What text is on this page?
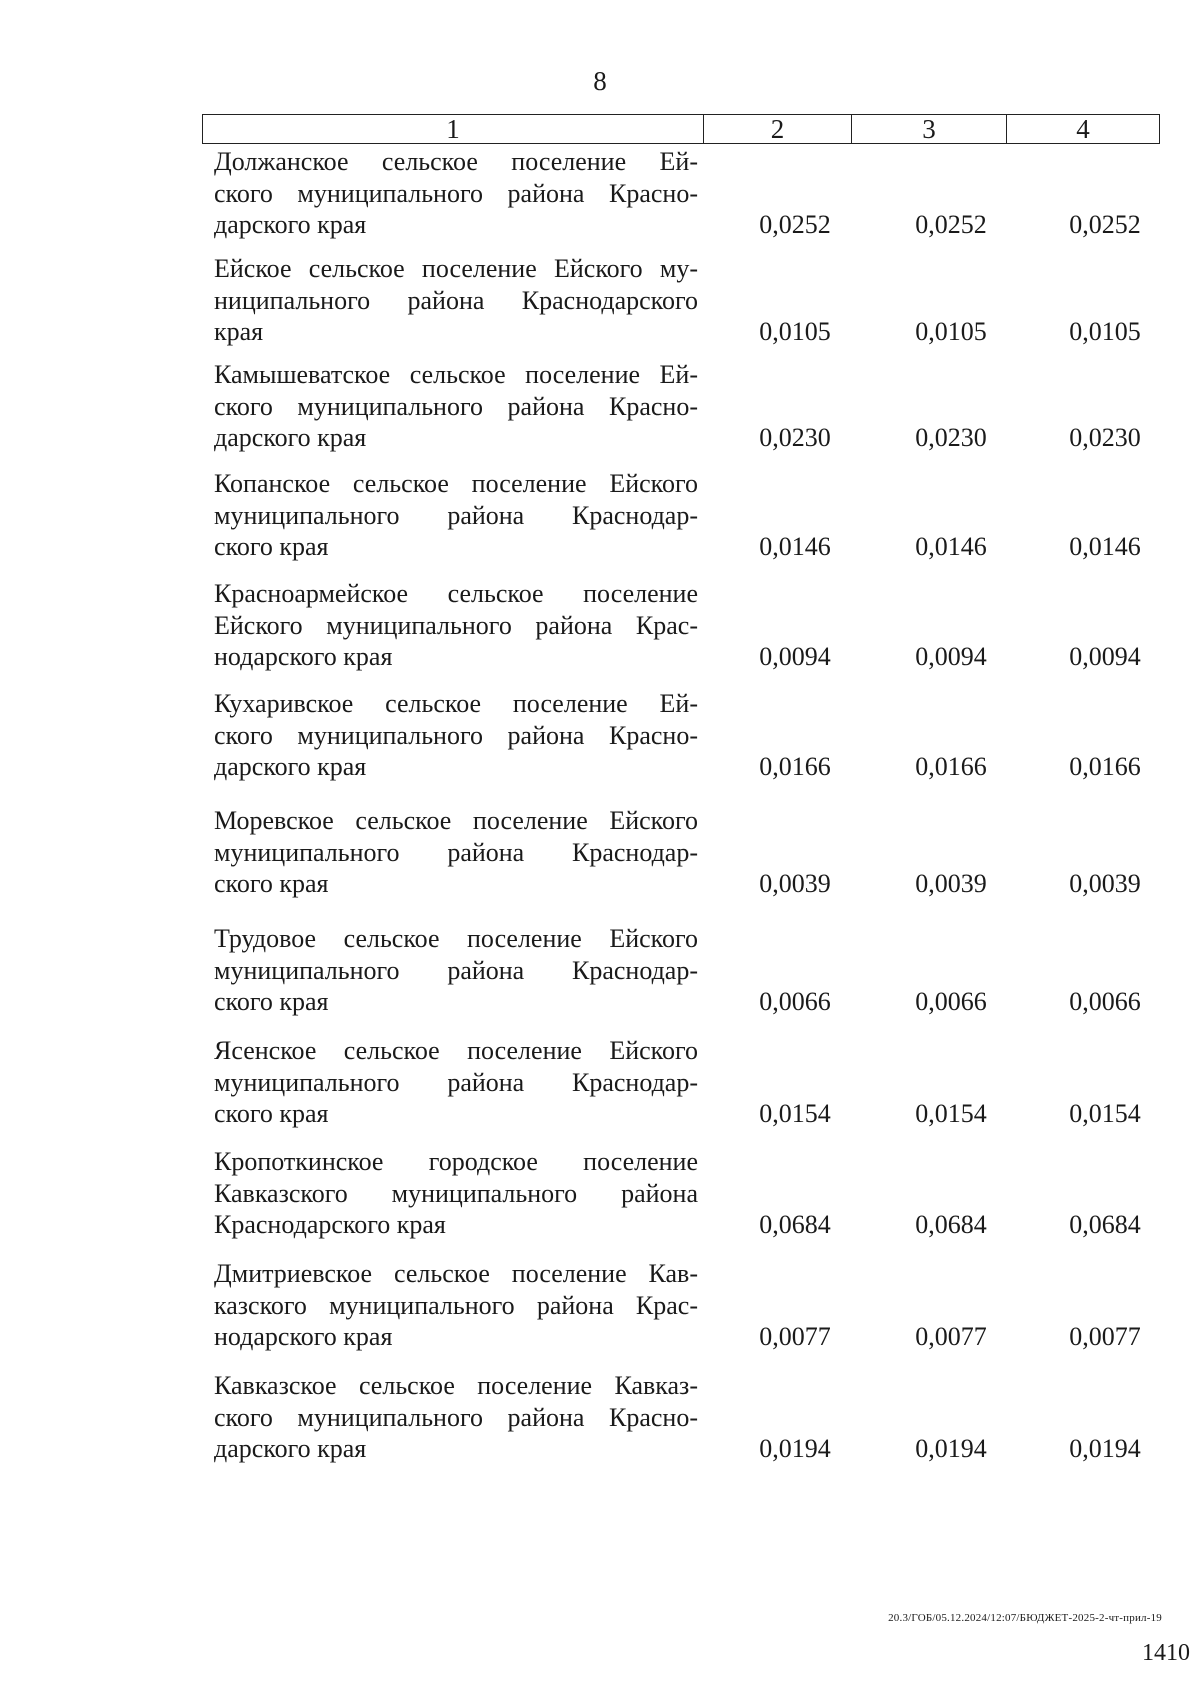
8
1	2	3	4
Должанское сельское поселение Ей-
ского муниципального района Красно-
дарского края	0,0252	0,0252	0,0252
Ейское сельское поселение Ейского му-
ниципального района Краснодарского
края	0,0105	0,0105	0,0105
Камышеватское сельское поселение Ей-
ского муниципального района Красно-
дарского края	0,0230	0,0230	0,0230
Копанское сельское поселение Ейского
муниципального района Краснодар-
ского края	0,0146	0,0146	0,0146
Красноармейское сельское поселение
Ейского муниципального района Крас-
нодарского края	0,0094	0,0094	0,0094
Кухаривское сельское поселение Ей-
ского муниципального района Красно-
дарского края	0,0166	0,0166	0,0166
Моревское сельское поселение Ейского
муниципального района Краснодар-
ского края	0,0039	0,0039	0,0039
Трудовое сельское поселение Ейского
муниципального района Краснодар-
ского края	0,0066	0,0066	0,0066
Ясенское сельское поселение Ейского
муниципального района Краснодар-
ского края	0,0154	0,0154	0,0154
Кропоткинское городское поселение
Кавказского муниципального района
Краснодарского края	0,0684	0,0684	0,0684
Дмитриевское сельское поселение Кав-
казского муниципального района Крас-
нодарского края	0,0077	0,0077	0,0077
Кавказское сельское поселение Кавказ-
ского муниципального района Красно-
дарского края	0,0194	0,0194	0,0194
20.3/ГОБ/05.12.2024/12:07/БЮДЖЕТ-2025-2-чт-прил-19
1410
